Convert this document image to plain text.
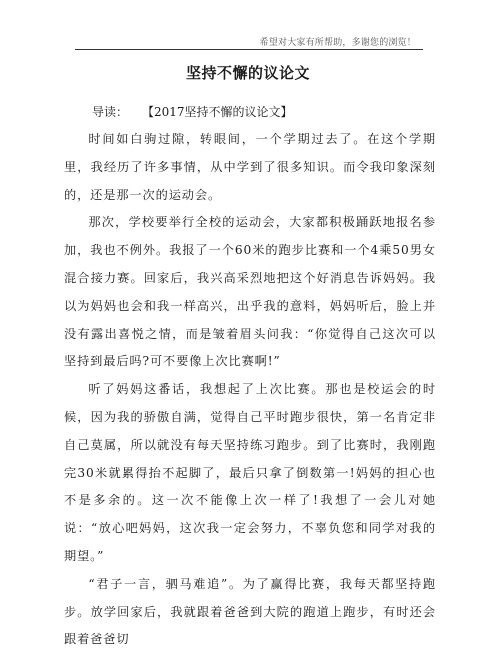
希望对大家有所帮助，多谢您的浏览！
坚持不懈的议论文
导读： 【2017坚持不懈的议论文】

时间如白驹过隙，转眼间，一个学期过去了。在这个学期里，我经历了许多事情，从中学到了很多知识。而令我印象深刻的，还是那一次的运动会。

那次，学校要举行全校的运动会，大家都积极踊跃地报名参加，我也不例外。我报了一个60米的跑步比赛和一个4乘50男女混合接力赛。回家后，我兴高采烈地把这个好消息告诉妈妈。我以为妈妈也会和我一样高兴，出乎我的意料，妈妈听后，脸上并没有露出喜悦之情，而是皱着眉头问我：“你觉得自己这次可以坚持到最后吗?可不要像上次比赛啊!”

听了妈妈这番话，我想起了上次比赛。那也是校运会的时候，因为我的骄傲自满，觉得自己平时跑步很快，第一名肯定非自己莫属，所以就没有每天坚持练习跑步。到了比赛时，我刚跑完30米就累得抬不起脚了，最后只拿了倒数第一!妈妈的担心也不是多余的。这一次不能像上次一样了!我想了一会儿对她说：“放心吧妈妈，这次我一定会努力，不辜负您和同学对我的期望。”

“君子一言，驷马难追”。为了赢得比赛，我每天都坚持跑步。放学回家后，我就跟着爸爸到大院的跑道上跑步，有时还会跟着爸爸切
